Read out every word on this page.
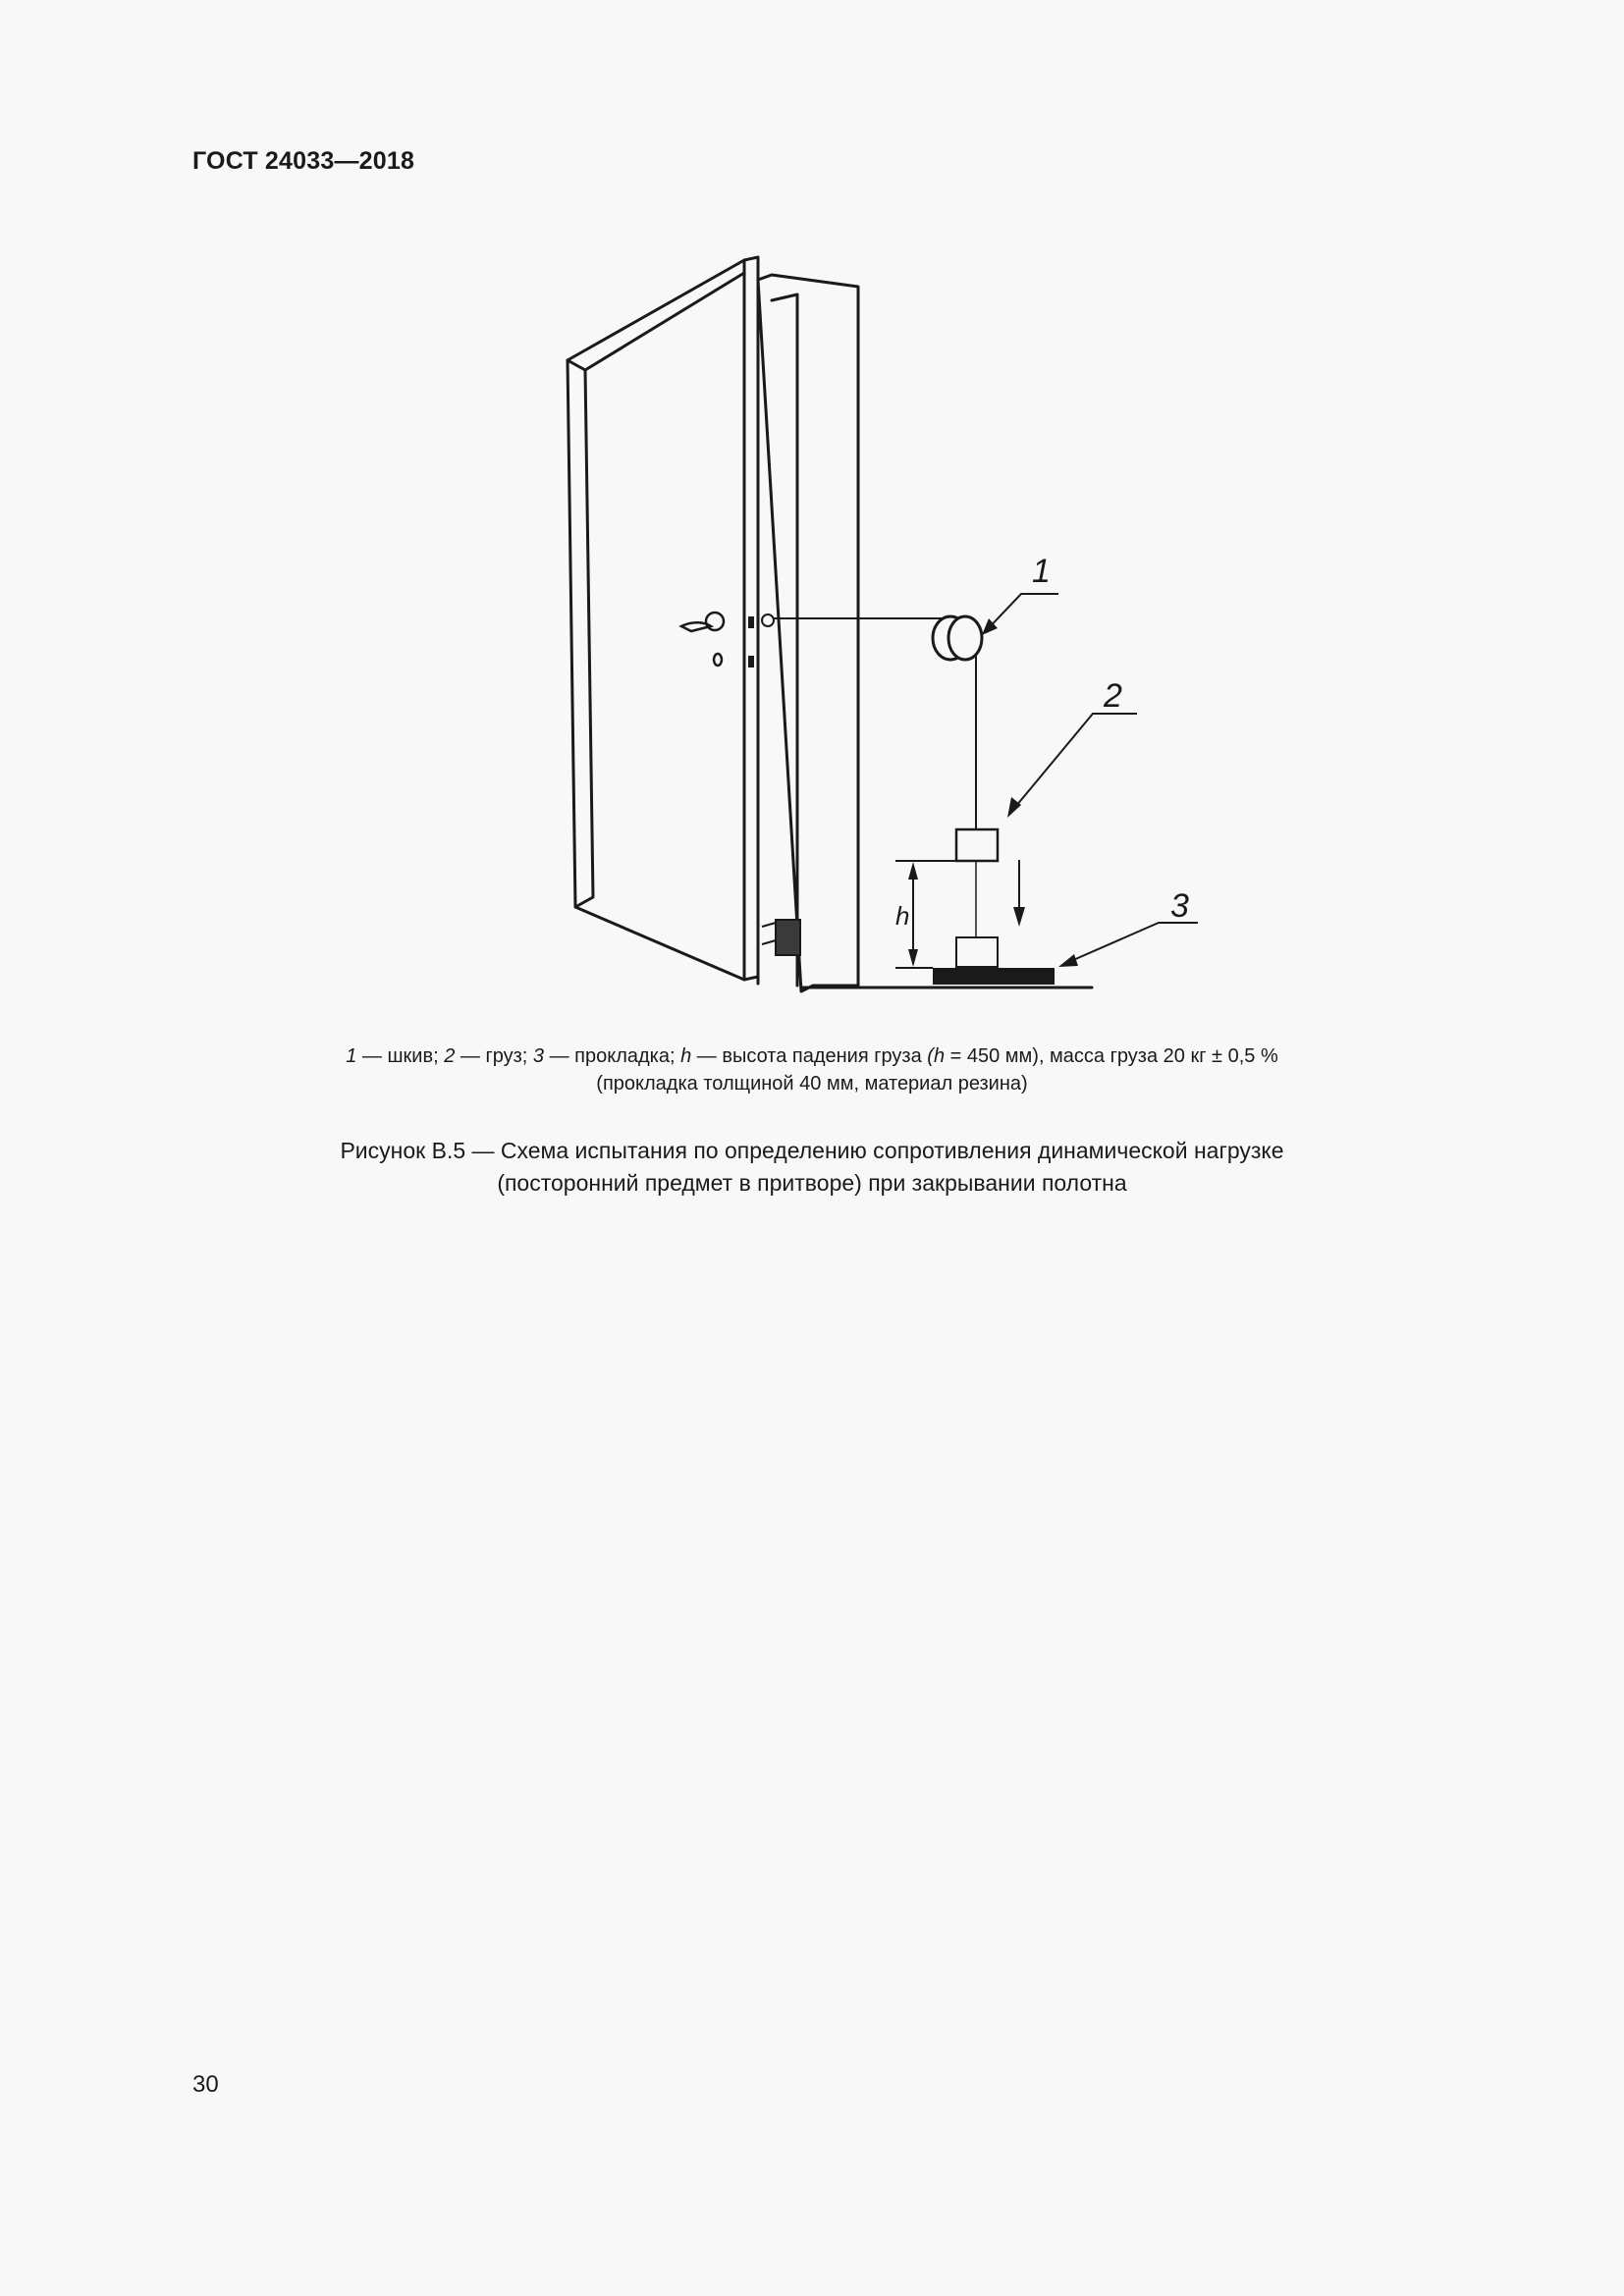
ГОСТ 24033—2018
1
2
3
h
1 — шкив; 2 — груз; 3 — прокладка; h — высота падения груза (h = 450 мм), масса груза 20 кг ± 0,5 %
(прокладка толщиной 40 мм, материал резина)
Рисунок В.5 — Схема испытания по определению сопротивления динамической нагрузке
(посторонний предмет в притворе) при закрывании полотна
30
